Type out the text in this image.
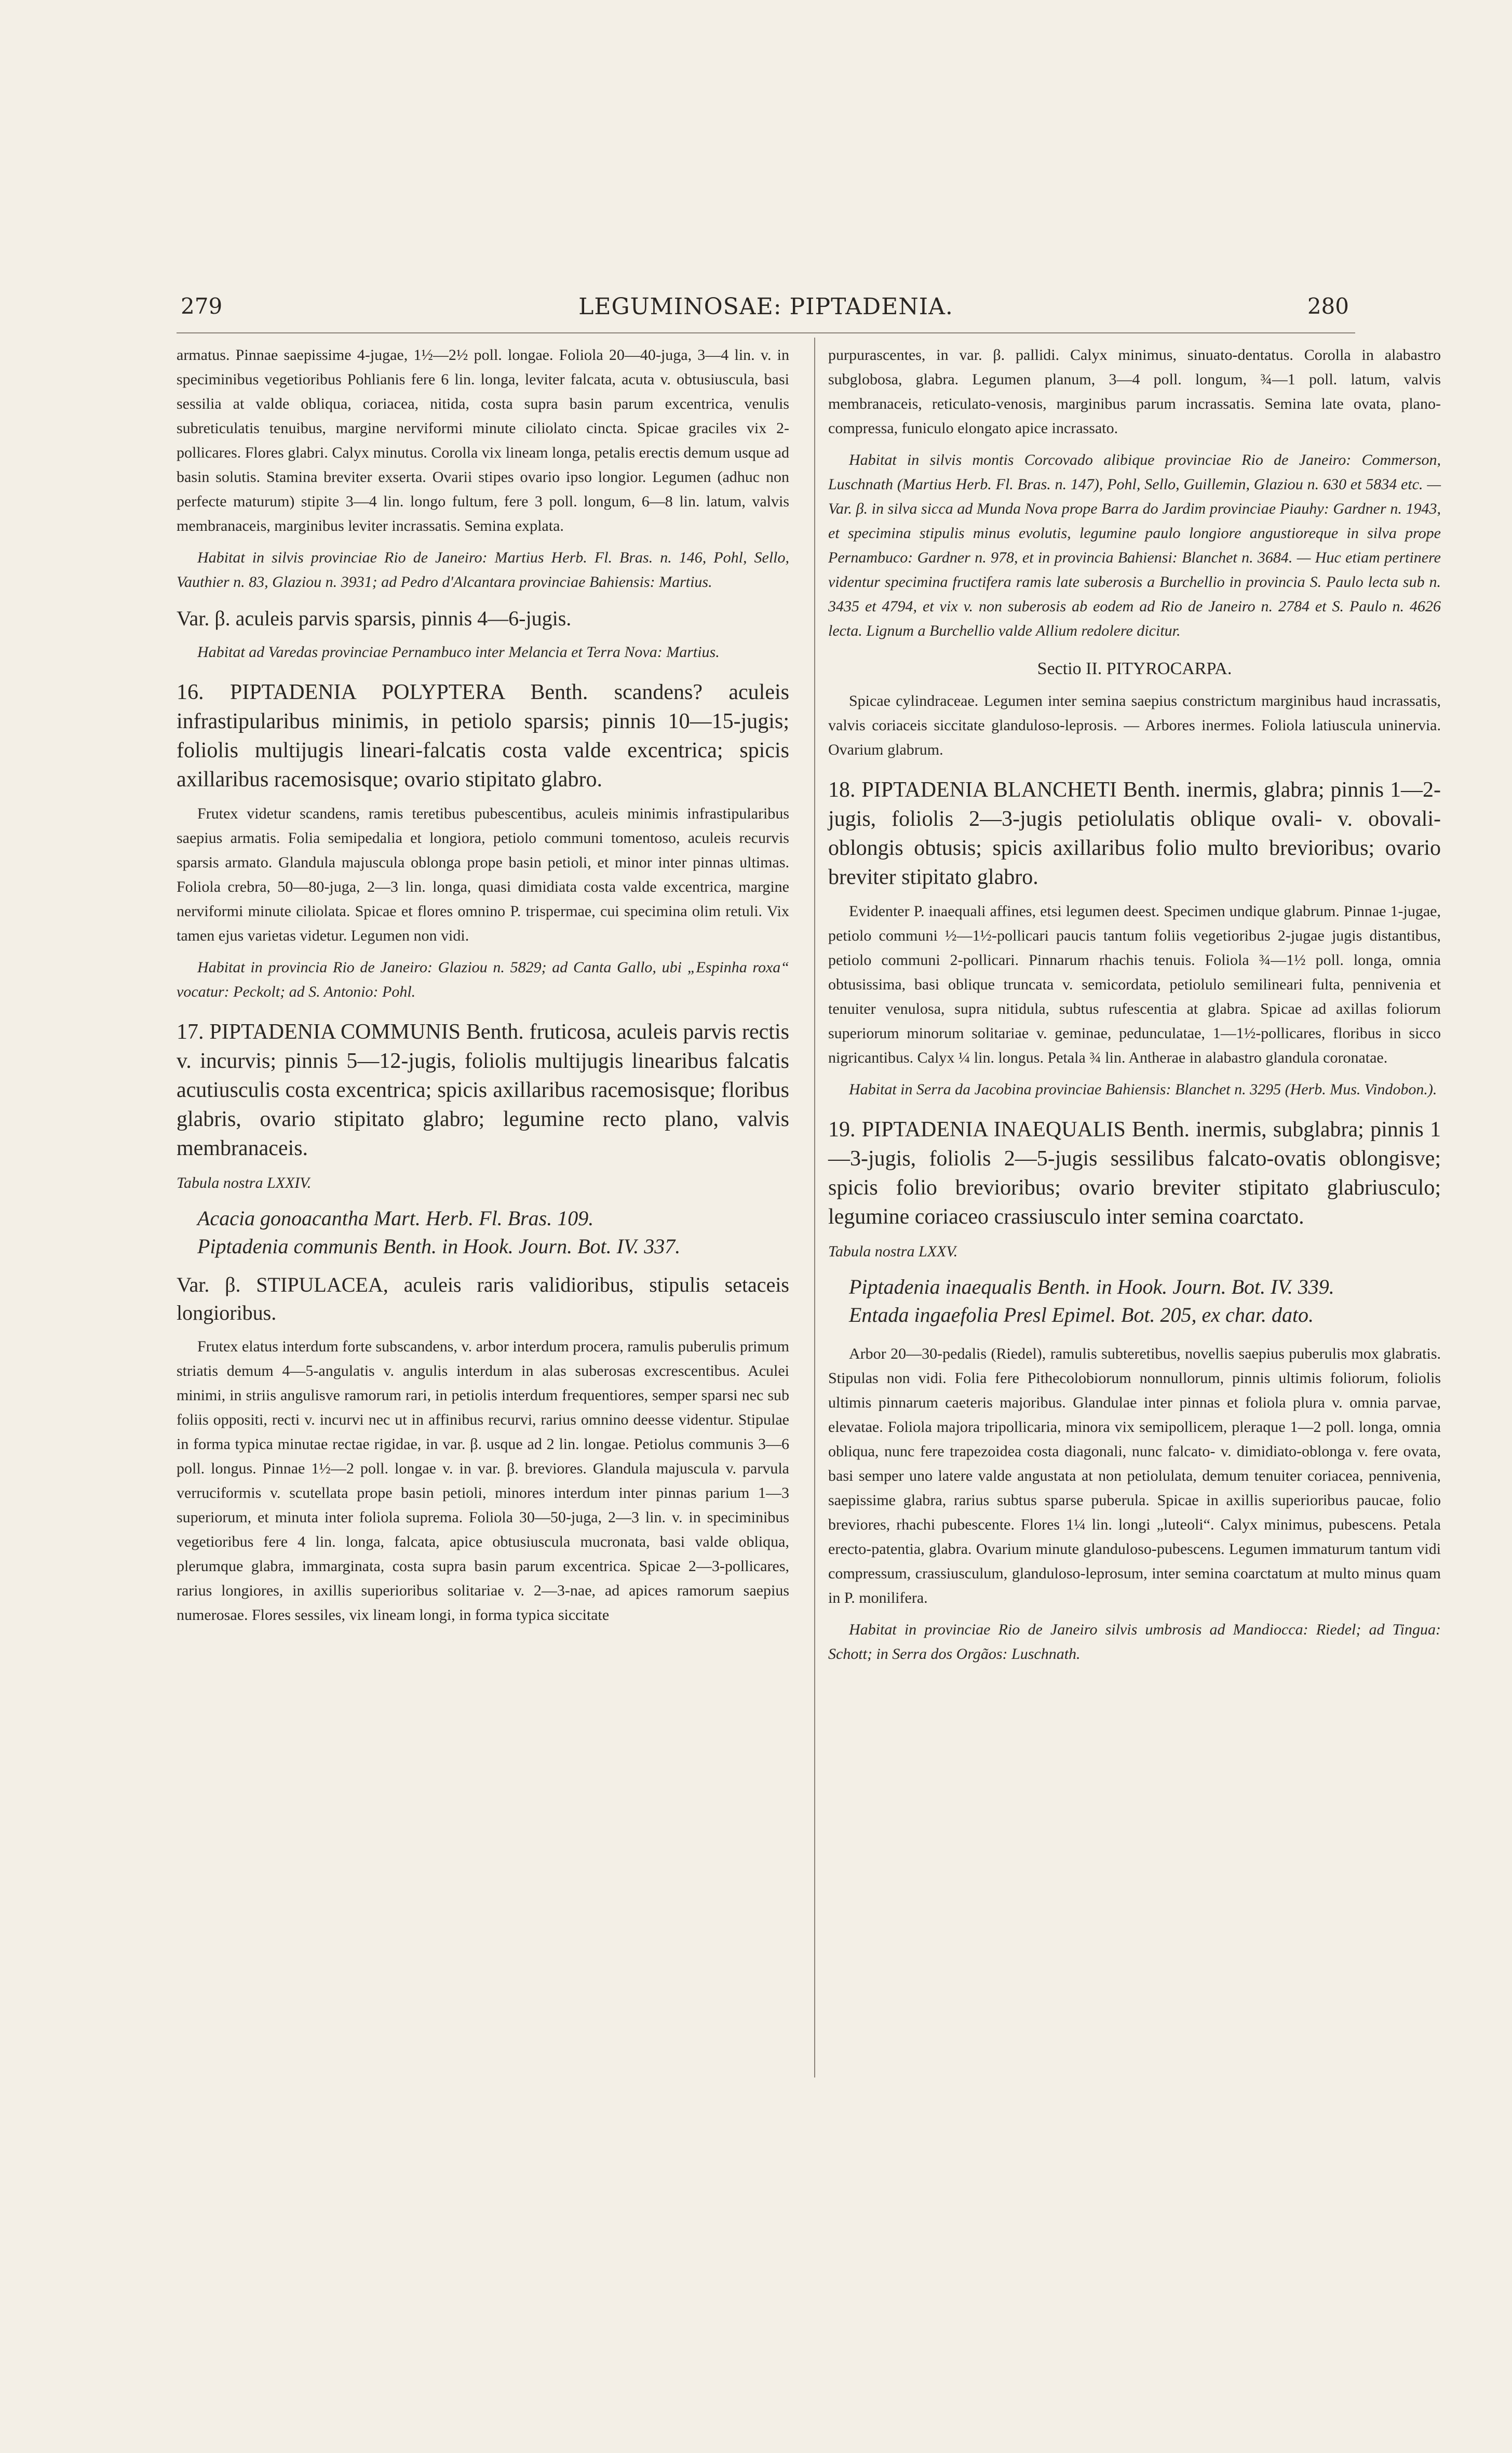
279	LEGUMINOSAE: PIPTADENIA.	280

armatus. Pinnae saepissime 4-jugae, 1½—2½ poll. longae. Foliola 20—40-juga, 3—4 lin. v. in speciminibus vegetioribus Pohlianis fere 6 lin. longa, leviter falcata, acuta v. obtusiuscula, basi sessilia at valde obliqua, coriacea, nitida, costa supra basin parum excentrica, venulis subreticulatis tenuibus, margine nerviformi minute ciliolato cincta. Spicae graciles vix 2-pollicares. Flores glabri. Calyx minutus. Corolla vix lineam longa, petalis erectis demum usque ad basin solutis. Stamina breviter exserta. Ovarii stipes ovario ipso longior. Legumen (adhuc non perfecte maturum) stipite 3—4 lin. longo fultum, fere 3 poll. longum, 6—8 lin. latum, valvis membranaceis, marginibus leviter incrassatis. Semina explata.

Habitat in silvis provinciae Rio de Janeiro: Martius Herb. Fl. Bras. n. 146, Pohl, Sello, Vauthier n. 83, Glaziou n. 3931; ad Pedro d'Alcantara provinciae Bahiensis: Martius.

Var. β. aculeis parvis sparsis, pinnis 4—6-jugis.

Habitat ad Varedas provinciae Pernambuco inter Melancia et Terra Nova: Martius.

16. PIPTADENIA POLYPTERA Benth. scandens? aculeis infrastipularibus minimis, in petiolo sparsis; pinnis 10—15-jugis; foliolis multijugis lineari-falcatis costa valde excentrica; spicis axillaribus racemosisque; ovario stipitato glabro.

Frutex videtur scandens, ramis teretibus pubescentibus, aculeis minimis infrastipularibus saepius armatis. Folia semipedalia et longiora, petiolo communi tomentoso, aculeis recurvis sparsis armato. Glandula majuscula oblonga prope basin petioli, et minor inter pinnas ultimas. Foliola crebra, 50—80-juga, 2—3 lin. longa, quasi dimidiata costa valde excentrica, margine nerviformi minute ciliolata. Spicae et flores omnino P. trispermae, cui specimina olim retuli. Vix tamen ejus varietas videtur. Legumen non vidi.

Habitat in provincia Rio de Janeiro: Glaziou n. 5829; ad Canta Gallo, ubi „Espinha roxa“ vocatur: Peckolt; ad S. Antonio: Pohl.

17. PIPTADENIA COMMUNIS Benth. fruticosa, aculeis parvis rectis v. incurvis; pinnis 5—12-jugis, foliolis multijugis linearibus falcatis acutiusculis costa excentrica; spicis axillaribus racemosisque; floribus glabris, ovario stipitato glabro; legumine recto plano, valvis membranaceis.

Tabula nostra LXXIV.

Acacia gonoacantha Mart. Herb. Fl. Bras. 109.

Piptadenia communis Benth. in Hook. Journ. Bot. IV. 337.

Var. β. STIPULACEA, aculeis raris validioribus, stipulis setaceis longioribus.

Frutex elatus interdum forte subscandens, v. arbor interdum procera, ramulis puberulis primum striatis demum 4—5-angulatis v. angulis interdum in alas suberosas excrescentibus. Aculei minimi, in striis angulisve ramorum rari, in petiolis interdum frequentiores, semper sparsi nec sub foliis oppositi, recti v. incurvi nec ut in affinibus recurvi, rarius omnino deesse videntur. Stipulae in forma typica minutae rectae rigidae, in var. β. usque ad 2 lin. longae. Petiolus communis 3—6 poll. longus. Pinnae 1½—2 poll. longae v. in var. β. breviores. Glandula majuscula v. parvula verruciformis v. scutellata prope basin petioli, minores interdum inter pinnas parium 1—3 superiorum, et minuta inter foliola suprema. Foliola 30—50-juga, 2—3 lin. v. in speciminibus vegetioribus fere 4 lin. longa, falcata, apice obtusiuscula mucronata, basi valde obliqua, plerumque glabra, immarginata, costa supra basin parum excentrica. Spicae 2—3-pollicares, rarius longiores, in axillis superioribus solitariae v. 2—3-nae, ad apices ramorum saepius numerosae. Flores sessiles, vix lineam longi, in forma typica siccitate

purpurascentes, in var. β. pallidi. Calyx minimus, sinuato-dentatus. Corolla in alabastro subglobosa, glabra. Legumen planum, 3—4 poll. longum, ¾—1 poll. latum, valvis membranaceis, reticulato-venosis, marginibus parum incrassatis. Semina late ovata, plano-compressa, funiculo elongato apice incrassato.

Habitat in silvis montis Corcovado alibique provinciae Rio de Janeiro: Commerson, Luschnath (Martius Herb. Fl. Bras. n. 147), Pohl, Sello, Guillemin, Glaziou n. 630 et 5834 etc. — Var. β. in silva sicca ad Munda Nova prope Barra do Jardim provinciae Piauhy: Gardner n. 1943, et specimina stipulis minus evolutis, legumine paulo longiore angustioreque in silva prope Pernambuco: Gardner n. 978, et in provincia Bahiensi: Blanchet n. 3684. — Huc etiam pertinere videntur specimina fructifera ramis late suberosis a Burchellio in provincia S. Paulo lecta sub n. 3435 et 4794, et vix v. non suberosis ab eodem ad Rio de Janeiro n. 2784 et S. Paulo n. 4626 lecta. Lignum a Burchellio valde Allium redolere dicitur.

Sectio II. PITYROCARPA.

Spicae cylindraceae. Legumen inter semina saepius constrictum marginibus haud incrassatis, valvis coriaceis siccitate glanduloso-leprosis. — Arbores inermes. Foliola latiuscula uninervia. Ovarium glabrum.

18. PIPTADENIA BLANCHETI Benth. inermis, glabra; pinnis 1—2-jugis, foliolis 2—3-jugis petiolulatis oblique ovali- v. obovali-oblongis obtusis; spicis axillaribus folio multo brevioribus; ovario breviter stipitato glabro.

Evidenter P. inaequali affines, etsi legumen deest. Specimen undique glabrum. Pinnae 1-jugae, petiolo communi ½—1½-pollicari paucis tantum foliis vegetioribus 2-jugae jugis distantibus, petiolo communi 2-pollicari. Pinnarum rhachis tenuis. Foliola ¾—1½ poll. longa, omnia obtusissima, basi oblique truncata v. semicordata, petiolulo semilineari fulta, pennivenia et tenuiter venulosa, supra nitidula, subtus rufescentia at glabra. Spicae ad axillas foliorum superiorum minorum solitariae v. geminae, pedunculatae, 1—1½-pollicares, floribus in sicco nigricantibus. Calyx ¼ lin. longus. Petala ¾ lin. Antherae in alabastro glandula coronatae.

Habitat in Serra da Jacobina provinciae Bahiensis: Blanchet n. 3295 (Herb. Mus. Vindobon.).

19. PIPTADENIA INAEQUALIS Benth. inermis, subglabra; pinnis 1—3-jugis, foliolis 2—5-jugis sessilibus falcato-ovatis oblongisve; spicis folio brevioribus; ovario breviter stipitato glabriusculo; legumine coriaceo crassiusculo inter semina coarctato.

Tabula nostra LXXV.

Piptadenia inaequalis Benth. in Hook. Journ. Bot. IV. 339.

Entada ingaefolia Presl Epimel. Bot. 205, ex char. dato.

Arbor 20—30-pedalis (Riedel), ramulis subteretibus, novellis saepius puberulis mox glabratis. Stipulas non vidi. Folia fere Pithecolobiorum nonnullorum, pinnis ultimis foliorum, foliolis ultimis pinnarum caeteris majoribus. Glandulae inter pinnas et foliola plura v. omnia parvae, elevatae. Foliola majora tripollicaria, minora vix semipollicem, pleraque 1—2 poll. longa, omnia obliqua, nunc fere trapezoidea costa diagonali, nunc falcato- v. dimidiato-oblonga v. fere ovata, basi semper uno latere valde angustata at non petiolulata, demum tenuiter coriacea, pennivenia, saepissime glabra, rarius subtus sparse puberula. Spicae in axillis superioribus paucae, folio breviores, rhachi pubescente. Flores 1¼ lin. longi „luteoli“. Calyx minimus, pubescens. Petala erecto-patentia, glabra. Ovarium minute glanduloso-pubescens. Legumen immaturum tantum vidi compressum, crassiusculum, glanduloso-leprosum, inter semina coarctatum at multo minus quam in P. moniliferа.

Habitat in provinciae Rio de Janeiro silvis umbrosis ad Mandiocca: Riedel; ad Tingua: Schott; in Serra dos Orgãos: Luschnath.
